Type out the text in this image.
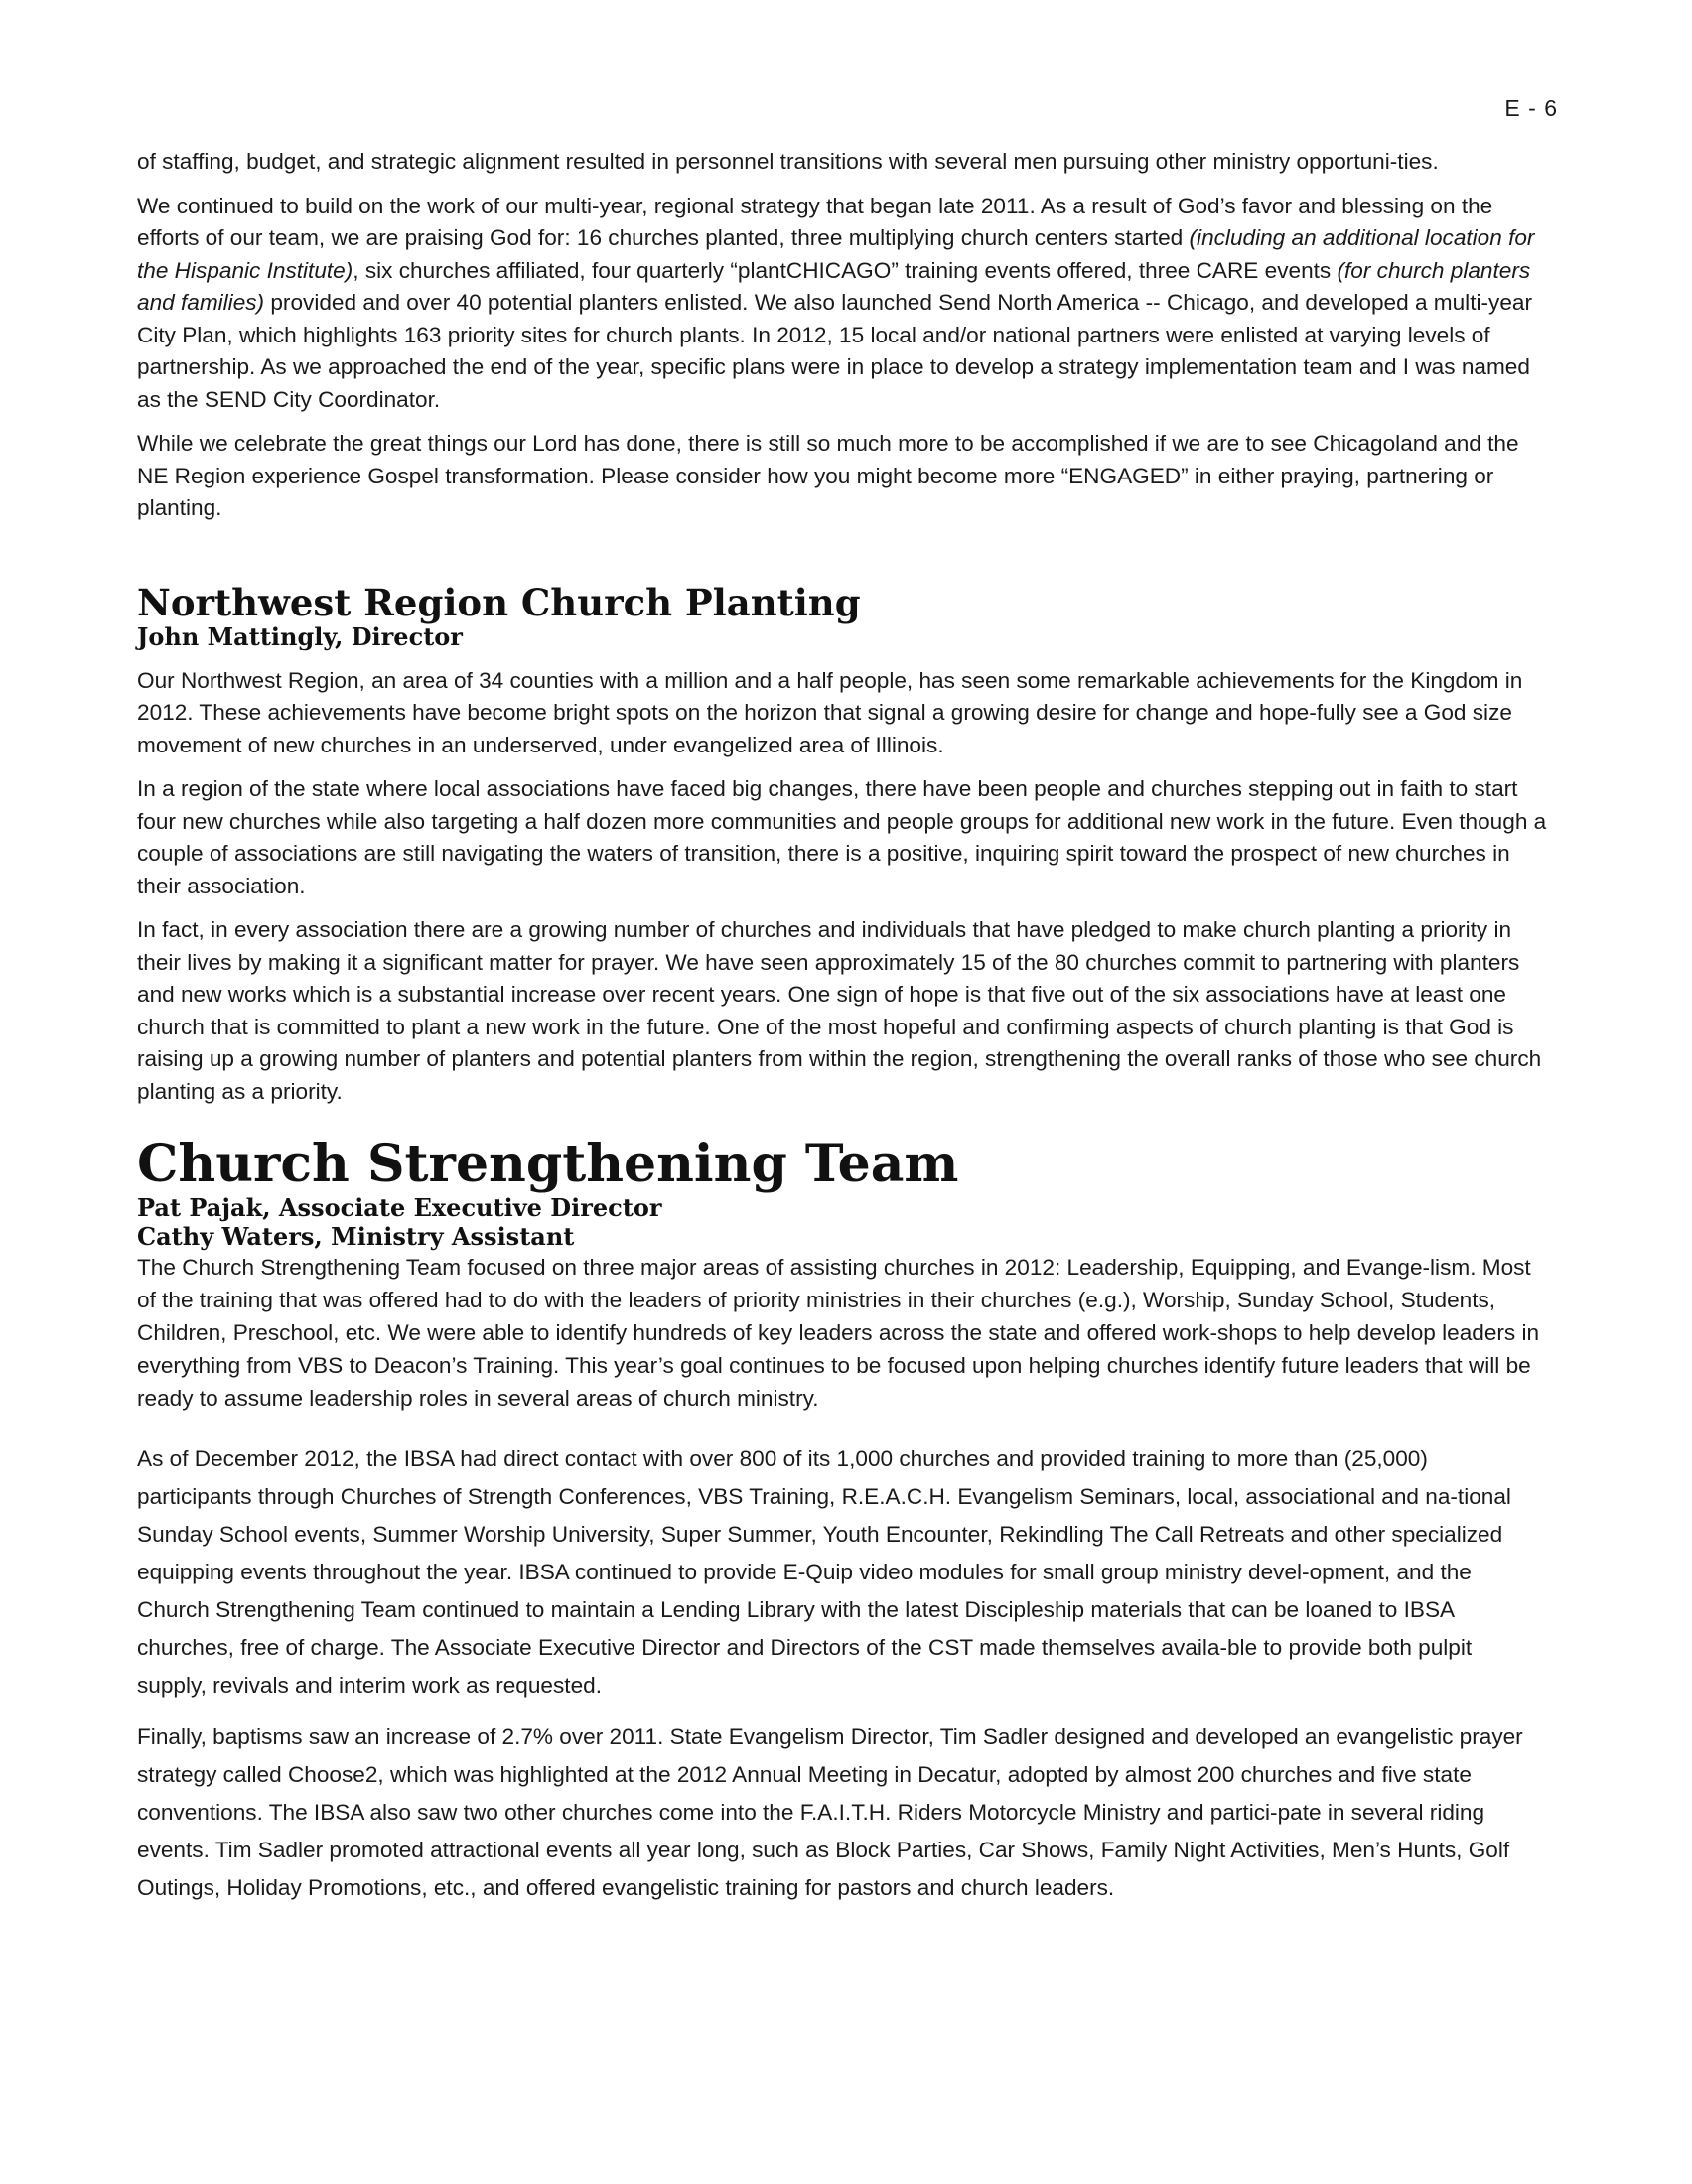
E - 6

of staffing, budget, and strategic alignment resulted in personnel transitions with several men pursuing other ministry opportuni-ties.

We continued to build on the work of our multi-year, regional strategy that began late 2011. As a result of God’s favor and blessing on the efforts of our team, we are praising God for: 16 churches planted, three multiplying church centers started (including an additional location for the Hispanic Institute), six churches affiliated, four quarterly “plantCHICAGO” training events offered, three CARE events (for church planters and families) provided and over 40 potential planters enlisted. We also launched Send North America -- Chicago, and developed a multi-year City Plan, which highlights 163 priority sites for church plants. In 2012, 15 local and/or national partners were enlisted at varying levels of partnership. As we approached the end of the year, specific plans were in place to develop a strategy implementation team and I was named as the SEND City Coordinator.

While we celebrate the great things our Lord has done, there is still so much more to be accomplished if we are to see Chicagoland and the NE Region experience Gospel transformation. Please consider how you might become more “ENGAGED” in either praying, partnering or planting.

Northwest Region Church Planting
John Mattingly, Director

Our Northwest Region, an area of 34 counties with a million and a half people, has seen some remarkable achievements for the Kingdom in 2012. These achievements have become bright spots on the horizon that signal a growing desire for change and hope-fully see a God size movement of new churches in an underserved, under evangelized area of Illinois.

In a region of the state where local associations have faced big changes, there have been people and churches stepping out in faith to start four new churches while also targeting a half dozen more communities and people groups for additional new work in the future. Even though a couple of associations are still navigating the waters of transition, there is a positive, inquiring spirit toward the prospect of new churches in their association.

In fact, in every association there are a growing number of churches and individuals that have pledged to make church planting a priority in their lives by making it a significant matter for prayer. We have seen approximately 15 of the 80 churches commit to partnering with planters and new works which is a substantial increase over recent years. One sign of hope is that five out of the six associations have at least one church that is committed to plant a new work in the future. One of the most hopeful and confirming aspects of church planting is that God is raising up a growing number of planters and potential planters from within the region, strengthening the overall ranks of those who see church planting as a priority.

Church Strengthening Team
Pat Pajak, Associate Executive Director
Cathy Waters, Ministry Assistant

The Church Strengthening Team focused on three major areas of assisting churches in 2012: Leadership, Equipping, and Evange-lism. Most of the training that was offered had to do with the leaders of priority ministries in their churches (e.g.), Worship, Sunday School, Students, Children, Preschool, etc. We were able to identify hundreds of key leaders across the state and offered work-shops to help develop leaders in everything from VBS to Deacon’s Training. This year’s goal continues to be focused upon helping churches identify future leaders that will be ready to assume leadership roles in several areas of church ministry.

As of December 2012, the IBSA had direct contact with over 800 of its 1,000 churches and provided training to more than (25,000) participants through Churches of Strength Conferences, VBS Training, R.E.A.C.H. Evangelism Seminars, local, associational and na-tional Sunday School events, Summer Worship University, Super Summer, Youth Encounter, Rekindling The Call Retreats and other specialized equipping events throughout the year. IBSA continued to provide E-Quip video modules for small group ministry devel-opment, and the Church Strengthening Team continued to maintain a Lending Library with the latest Discipleship materials that can be loaned to IBSA churches, free of charge. The Associate Executive Director and Directors of the CST made themselves availa-ble to provide both pulpit supply, revivals and interim work as requested.

Finally, baptisms saw an increase of 2.7% over 2011. State Evangelism Director, Tim Sadler designed and developed an evangelistic prayer strategy called Choose2, which was highlighted at the 2012 Annual Meeting in Decatur, adopted by almost 200 churches and five state conventions. The IBSA also saw two other churches come into the F.A.I.T.H. Riders Motorcycle Ministry and partici-pate in several riding events. Tim Sadler promoted attractional events all year long, such as Block Parties, Car Shows, Family Night Activities, Men’s Hunts, Golf Outings, Holiday Promotions, etc., and offered evangelistic training for pastors and church leaders.
